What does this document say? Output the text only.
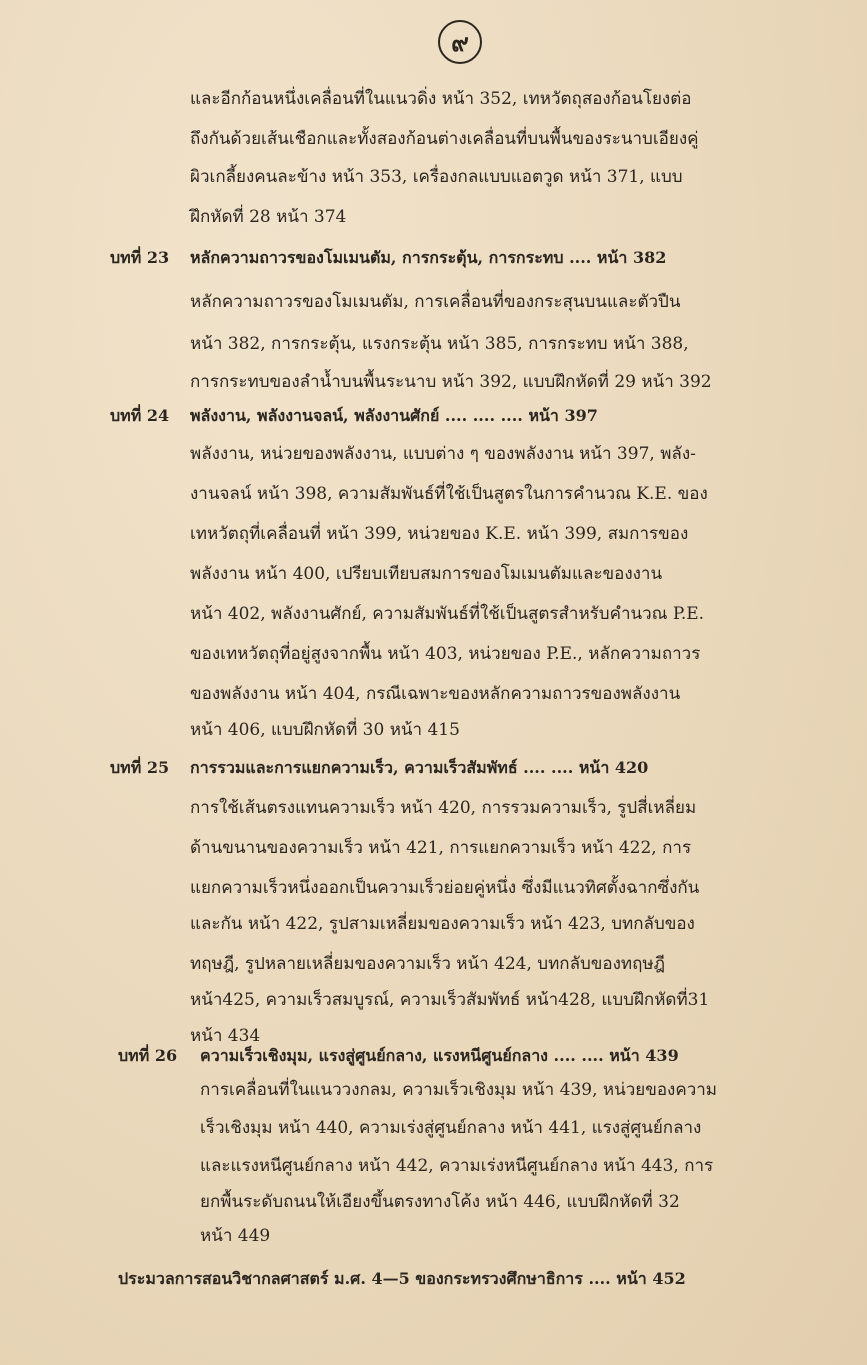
๙
และอีกก้อนหนึ่งเคลื่อนที่ในแนวดิ่ง หน้า 352, เทหวัตถุสองก้อนโยงต่อ
ถึงกันด้วยเส้นเชือกและทั้งสองก้อนต่างเคลื่อนที่บนพื้นของระนาบเอียงคู่
ผิวเกลี้ยงคนละข้าง หน้า 353, เครื่องกลแบบแอตวูด หน้า 371, แบบ
ฝึกหัดที่ 28 หน้า 374
บทที่ 23 หลักความถาวรของโมเมนตัม, การกระตุ้น, การกระทบ .... หน้า 382
หลักความถาวรของโมเมนตัม, การเคลื่อนที่ของกระสุนบนและตัวปืน
หน้า 382, การกระตุ้น, แรงกระตุ้น หน้า 385, การกระทบ หน้า 388,
การกระทบของลำน้ำบนพื้นระนาบ หน้า 392, แบบฝึกหัดที่ 29 หน้า 392
บทที่ 24 พลังงาน, พลังงานจลน์, พลังงานศักย์ .... .... .... หน้า 397
พลังงาน, หน่วยของพลังงาน, แบบต่าง ๆ ของพลังงาน หน้า 397, พลัง-
งานจลน์ หน้า 398, ความสัมพันธ์ที่ใช้เป็นสูตรในการคำนวณ K.E. ของ
เทหวัตถุที่เคลื่อนที่ หน้า 399, หน่วยของ K.E. หน้า 399, สมการของ
พลังงาน หน้า 400, เปรียบเทียบสมการของโมเมนตัมและของงาน
หน้า 402, พลังงานศักย์, ความสัมพันธ์ที่ใช้เป็นสูตรสำหรับคำนวณ P.E.
ของเทหวัตถุที่อยู่สูงจากพื้น หน้า 403, หน่วยของ P.E., หลักความถาวร
ของพลังงาน หน้า 404, กรณีเฉพาะของหลักความถาวรของพลังงาน
หน้า 406, แบบฝึกหัดที่ 30 หน้า 415
บทที่ 25 การรวมและการแยกความเร็ว, ความเร็วสัมพัทธ์ .... .... หน้า 420
การใช้เส้นตรงแทนความเร็ว หน้า 420, การรวมความเร็ว, รูปสี่เหลี่ยม
ด้านขนานของความเร็ว หน้า 421, การแยกความเร็ว หน้า 422, การ
แยกความเร็วหนึ่งออกเป็นความเร็วย่อยคู่หนึ่ง ซึ่งมีแนวทิศตั้งฉากซึ่งกัน
และกัน หน้า 422, รูปสามเหลี่ยมของความเร็ว หน้า 423, บทกลับของ
ทฤษฎี, รูปหลายเหลี่ยมของความเร็ว หน้า 424, บทกลับของทฤษฎี
หน้า425, ความเร็วสมบูรณ์, ความเร็วสัมพัทธ์ หน้า428, แบบฝึกหัดที่31
หน้า 434
บทที่ 26 ความเร็วเชิงมุม, แรงสู่ศูนย์กลาง, แรงหนีศูนย์กลาง .... .... หน้า 439
การเคลื่อนที่ในแนววงกลม, ความเร็วเชิงมุม หน้า 439, หน่วยของความ
เร็วเชิงมุม หน้า 440, ความเร่งสู่ศูนย์กลาง หน้า 441, แรงสู่ศูนย์กลาง
และแรงหนีศูนย์กลาง หน้า 442, ความเร่งหนีศูนย์กลาง หน้า 443, การ
ยกพื้นระดับถนนให้เอียงขึ้นตรงทางโค้ง หน้า 446, แบบฝึกหัดที่ 32
หน้า 449
ประมวลการสอนวิชากลศาสตร์ ม.ศ. 4—5 ของกระทรวงศึกษาธิการ .... หน้า 452
